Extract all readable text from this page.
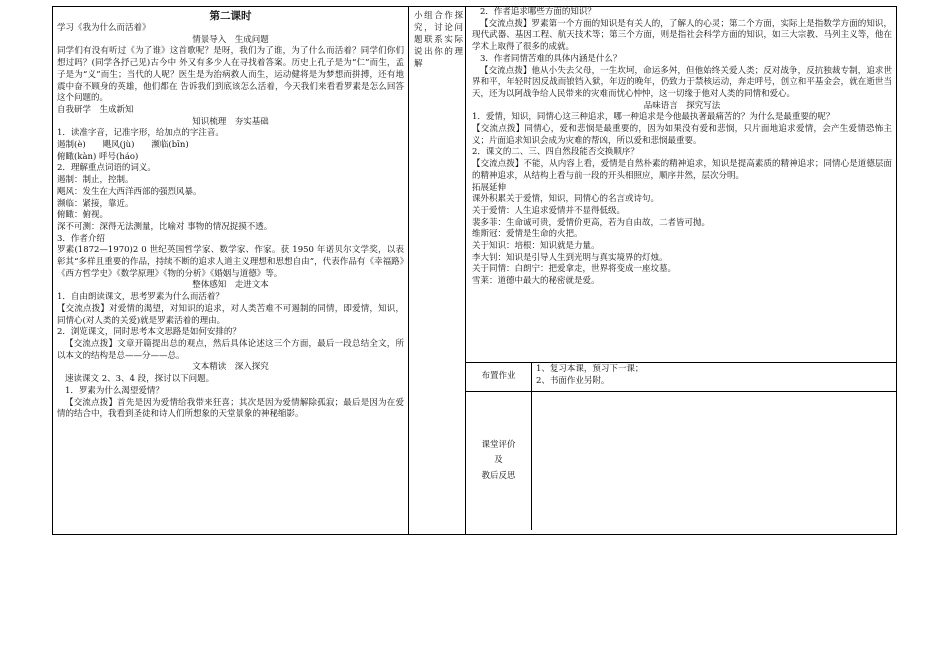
第二课时

学习《我为什么而活着》

情景导入　生成问题

同学们有没有听过《为了谁》这首歌呢？是呀，我们为了谁，为了什么而活着？同学们你们想过吗？(同学各抒己见)古今中 外又有多少人在寻找着答案。历史上孔子是为“仁”而生，孟子是为“义”而生；当代的人呢？医生是为治病救人而生，运动健将是为梦想而拼搏，还有地震中奋不顾身的英雄，他们都在 告诉我们到底该怎么活着，今天我们来看看罗素是怎么回答这个问题的。

自我研学　生成新知

知识梳理　夯实基础

1．读准字音，记准字形，给加点的字注音。

遏制(è)　　飓风(jù)　　濒临(bīn)

俯瞰(kàn) 呼号(háo)

2．理解重点词语的词义。

遏制：制止，控制。

飓风：发生在大西洋西部的强烈风暴。

濒临：紧接，靠近。

俯瞰：俯视。

深不可测：深得无法测量，比喻对 事物的情况捉摸不透。

3．作者介绍

罗素(1872—1970)2 0 世纪英国哲学家、数学家、作家。获 1950 年诺贝尔文学奖，以表彰其“多样且重要的作品，持续不断的追求人道主义理想和思想自由”，代表作品有《幸福路》《西方哲学史》《数学原理》《物的分析》《婚姻与道德》等。

整体感知　走进文本

1．自由朗读课文，思考罗素为什么而活着？

【交流点拨】对爱情的渴望，对知识的追求，对人类苦难不可遏制的同情，即爱情，知识，同情心(对人类的关爱)就是罗素活着的理由。

2．浏览课文，同时思考本文思路是如何安排的？

【交流点拨】文章开篇提出总的观点，然后具体论述这三个方面，最后一段总结全文，所以本文的结构是总——分——总。

文本精读　深入探究

速读课文 2、3、4 段，探讨以下问题。

1．罗素为什么渴望爱情？

【交流点拨】首先是因为爱情给我带来狂喜；其次是因为爱情解除孤寂；最后是因为在爱情的结合中，我看到圣徒和诗人们所想象的天堂景象的神秘缩影。

小组合作探究，讨论问题联系实际说出你的理解

2．作者追求哪些方面的知识？

【交流点拨】罗素第一个方面的知识是有关人的，了解人的心灵；第二个方面，实际上是指数学方面的知识，现代武器、基因工程、航天技术等；第三个方面，则是指社会科学方面的知识，如三大宗教、马列主义等，他在学术上取得了很多的成就。

3．作者同情苦难的具体内涵是什么？

【交流点拨】他从小失去父母，一生坎坷，命运多舛，但他始终关爱人类；反对战争，反抗独裁专制，追求世界和平，年轻时因反战而锒铛入狱，年迈的晚年，仍致力于禁核运动，奔走呼号，创立和平基金会，就在逝世当天，还为以阿战争给人民带来的灾难而忧心忡忡，这一切缘于他对人类的同情和爱心。

品味语言　探究写法

1．爱情，知识，同情心这三种追求，哪一种追求是今他最执著最痛苦的？为什么是最重要的呢？

【交流点拨】同情心，爱和悲悯是最重要的，因为如果没有爱和悲悯，只片面地追求爱情，会产生爱情恐怖主义；片面追求知识会成为灾难的帮凶，所以爱和悲悯最重要。

2．课文的二、三、四自然段能否交换顺序？

【交流点拨】不能，从内容上看，爱情是自然朴素的精神追求，知识是提高素质的精神追求；同情心是道德层面的精神追求，从结构上看与前一段的开头相照应，顺序井然，层次分明。

拓展延伸

课外积累关于爱情，知识，同情心的名言或诗句。

关于爱情：人生追求爱情并不显得低级。

裴多菲：生命诚可贵，爱情价更高，若为自由故，二者皆可抛。

维斯冠：爱情是生命的火把。

关于知识：培根：知识就是力量。

李大钊：知识是引导人生到光明与真实境界的灯烛。

关于同情：白朗宁：把爱拿走，世界将变成一座坟墓。

雪莱：道德中最大的秘密就是爱。

布置作业	1、复习本课，预习下一课；
2、书面作业另附。

课堂评价
及
教后反思	
